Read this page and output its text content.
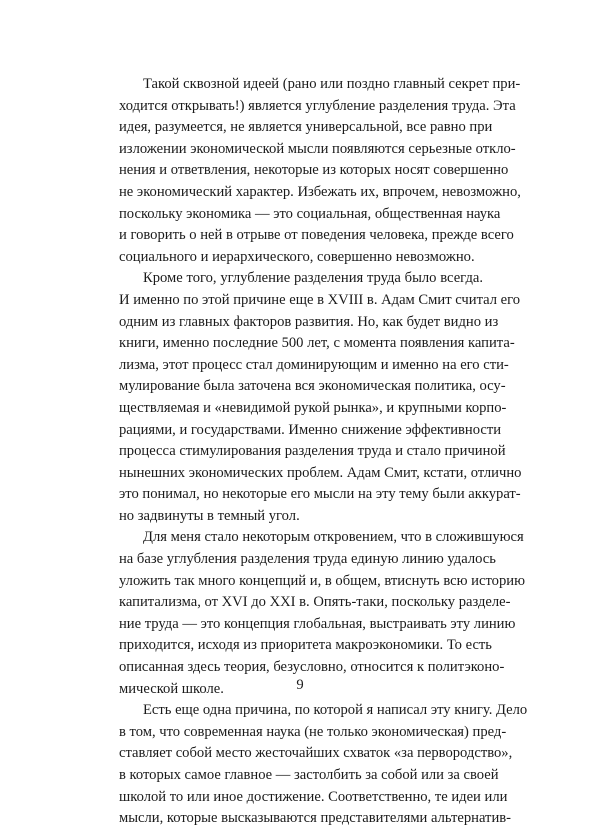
Такой сквозной идеей (рано или поздно главный секрет при-
ходится открывать!) является углубление разделения труда. Эта
идея, разумеется, не является универсальной, все равно при
изложении экономической мысли появляются серьезные откло-
нения и ответвления, некоторые из которых носят совершенно
не экономический характер. Избежать их, впрочем, невозможно,
поскольку экономика — это социальная, общественная наука
и говорить о ней в отрыве от поведения человека, прежде всего
социального и иерархического, совершенно невозможно.

Кроме того, углубление разделения труда было всегда.
И именно по этой причине еще в XVIII в. Адам Смит считал его
одним из главных факторов развития. Но, как будет видно из
книги, именно последние 500 лет, с момента появления капита-
лизма, этот процесс стал доминирующим и именно на его сти-
мулирование была заточена вся экономическая политика, осу-
ществляемая и «невидимой рукой рынка», и крупными корпо-
рациями, и государствами. Именно снижение эффективности
процесса стимулирования разделения труда и стало причиной
нынешних экономических проблем. Адам Смит, кстати, отлично
это понимал, но некоторые его мысли на эту тему были аккурат-
но задвинуты в темный угол.

Для меня стало некоторым откровением, что в сложившуюся
на базе углубления разделения труда единую линию удалось
уложить так много концепций и, в общем, втиснуть всю историю
капитализма, от XVI до XXI в. Опять-таки, поскольку разделе-
ние труда — это концепция глобальная, выстраивать эту линию
приходится, исходя из приоритета макроэкономики. То есть
описанная здесь теория, безусловно, относится к политэконо-
мической школе.

Есть еще одна причина, по которой я написал эту книгу. Дело
в том, что современная наука (не только экономическая) пред-
ставляет собой место жесточайших схваток «за первородство»,
в которых самое главное — застолбить за собой или за своей
школой то или иное достижение. Соответственно, те идеи или
мысли, которые высказываются представителями альтернатив-

9
